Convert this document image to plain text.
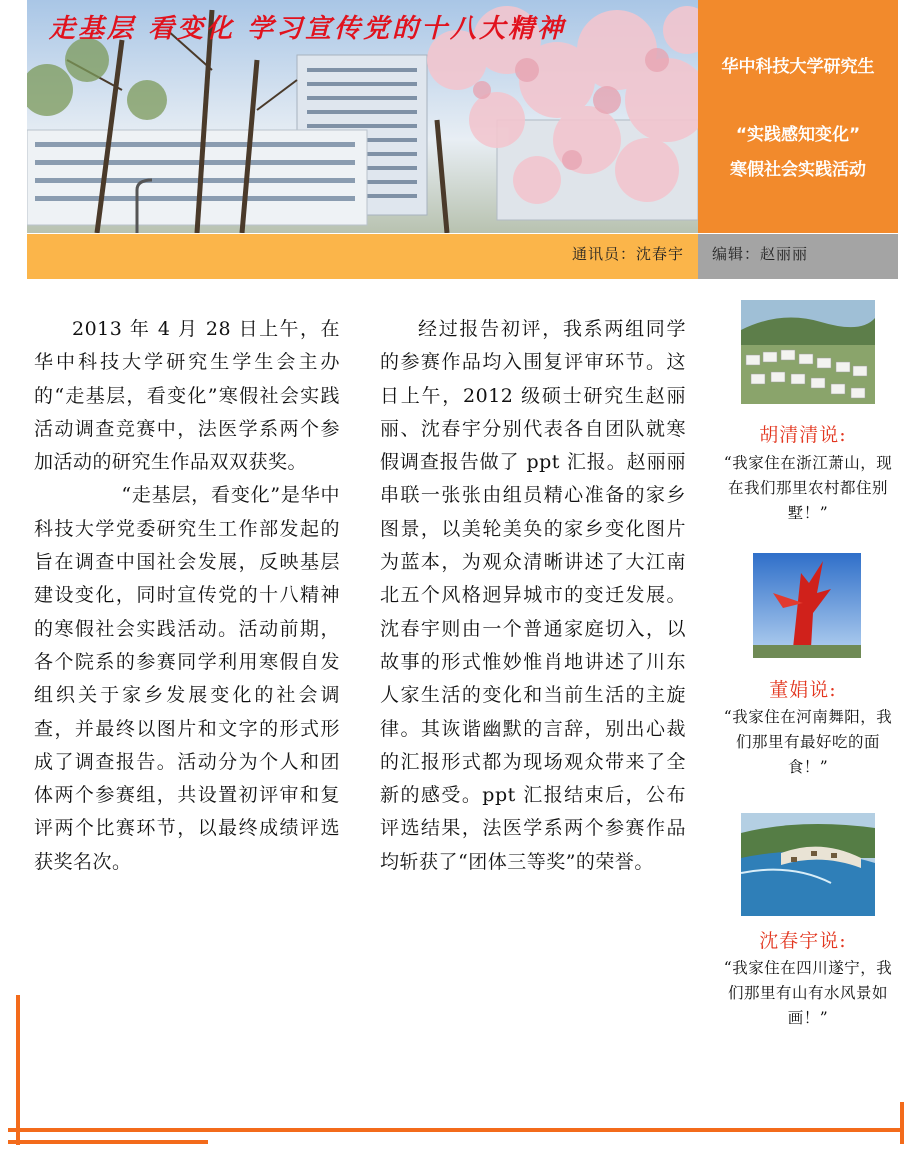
走基层 看变化 学习宣传党的十八大精神
华中科技大学研究生
“实践感知变化”
寒假社会实践活动
通讯员：沈春宇 编辑：赵丽丽

2013 年 4 月 28 日上午，在华中科技大学研究生学生会主办的“走基层，看变化”寒假社会实践活动调查竞赛中，法医学系两个参加活动的研究生作品双双获奖。

“走基层，看变化”是华中科技大学党委研究生工作部发起的旨在调查中国社会发展，反映基层建设变化，同时宣传党的十八精神的寒假社会实践活动。活动前期，各个院系的参赛同学利用寒假自发组织关于家乡发展变化的社会调查，并最终以图片和文字的形式形成了调查报告。活动分为个人和团体两个参赛组，共设置初评审和复评两个比赛环节，以最终成绩评选获奖名次。

经过报告初评，我系两组同学的参赛作品均入围复评审环节。这日上午，2012 级硕士研究生赵丽丽、沈春宇分别代表各自团队就寒假调查报告做了 ppt 汇报。赵丽丽串联一张张由组员精心准备的家乡图景，以美轮美奂的家乡变化图片为蓝本，为观众清晰讲述了大江南北五个风格迥异城市的变迁发展。沈春宇则由一个普通家庭切入，以故事的形式惟妙惟肖地讲述了川东人家生活的变化和当前生活的主旋律。其诙谐幽默的言辞，别出心裁的汇报形式都为现场观众带来了全新的感受。ppt 汇报结束后，公布评选结果，法医学系两个参赛作品均斩获了“团体三等奖”的荣誉。

胡清清说:
“我家住在浙江萧山，现在我们那里农村都住别墅！”
董娟说:
“我家住在河南舞阳，我们那里有最好吃的面食！”
沈春宇说:
“我家住在四川遂宁，我们那里有山有水风景如画！”
